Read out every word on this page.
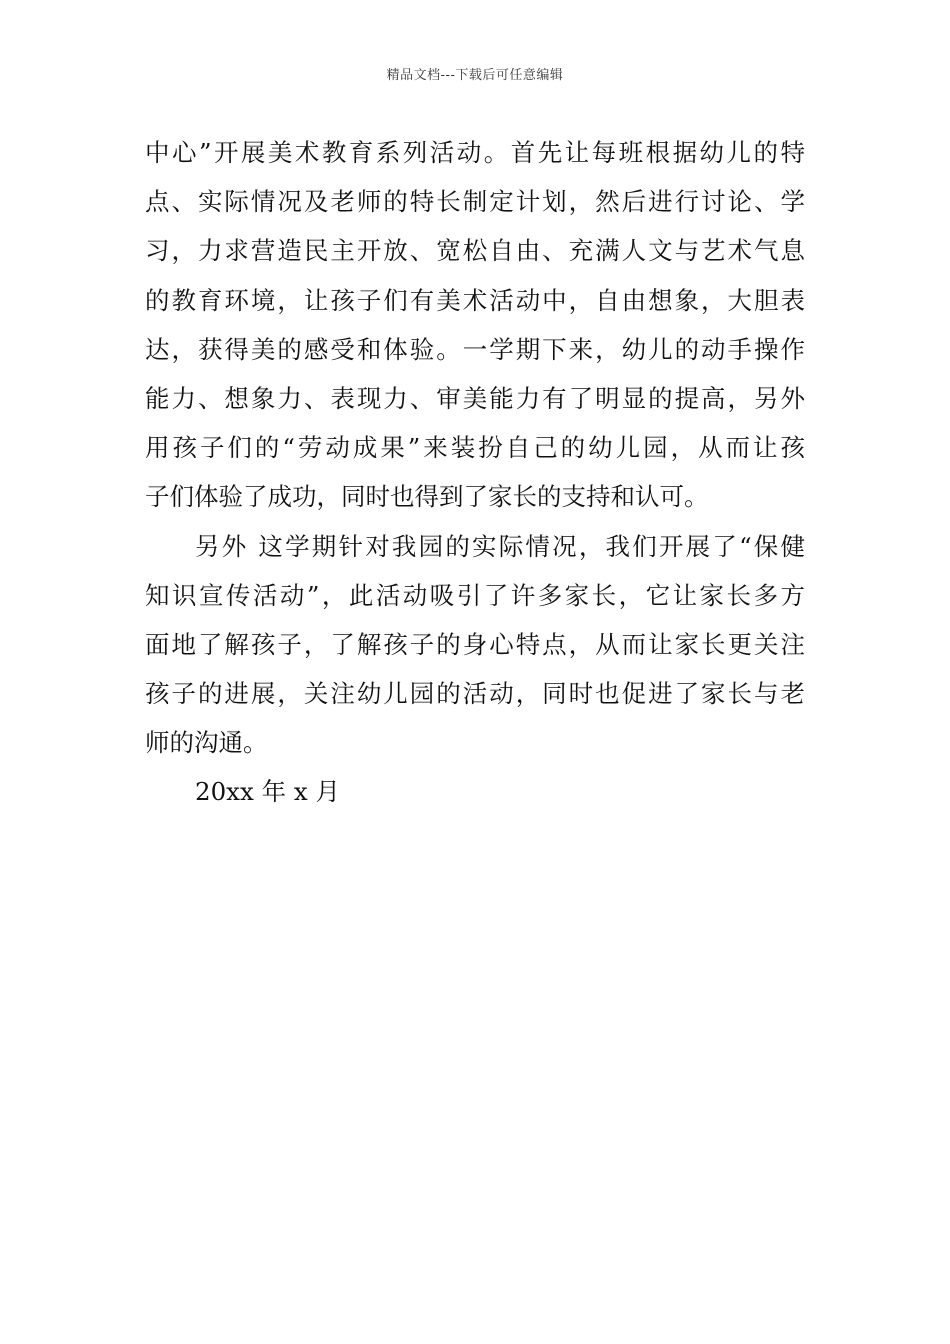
精品文档---下载后可任意编辑
中心”开展美术教育系列活动。首先让每班根据幼儿的特
点、实际情况及老师的特长制定计划，然后进行讨论、学
习，力求营造民主开放、宽松自由、充满人文与艺术气息
的教育环境，让孩子们有美术活动中，自由想象，大胆表
达，获得美的感受和体验。一学期下来，幼儿的动手操作
能力、想象力、表现力、审美能力有了明显的提高，另外
用孩子们的“劳动成果”来装扮自己的幼儿园，从而让孩
子们体验了成功，同时也得到了家长的支持和认可。
另外 这学期针对我园的实际情况，我们开展了“保健
知识宣传活动”，此活动吸引了许多家长，它让家长多方
面地了解孩子，了解孩子的身心特点，从而让家长更关注
孩子的进展，关注幼儿园的活动，同时也促进了家长与老
师的沟通。
20xx 年 x 月
